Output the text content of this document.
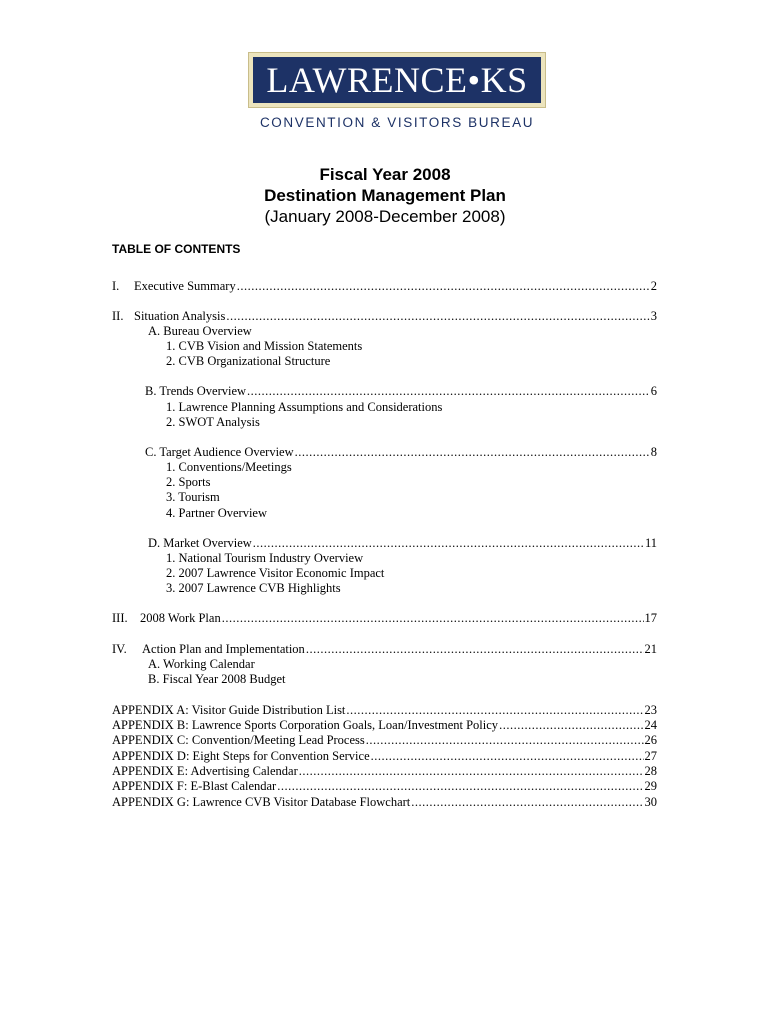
LAWRENCE•KS
CONVENTION & VISITORS BUREAU
Fiscal Year 2008
Destination Management Plan
(January 2008-December 2008)
TABLE OF CONTENTS
I. Executive Summary .....	2
II. Situation Analysis .....	3
A. Bureau Overview
1. CVB Vision and Mission Statements
2. CVB Organizational Structure
B. Trends Overview .....	6
1. Lawrence Planning Assumptions and Considerations
2. SWOT Analysis
C. Target Audience Overview .....	8
1. Conventions/Meetings
2. Sports
3. Tourism
4. Partner Overview
D. Market Overview .....	11
1. National Tourism Industry Overview
2. 2007 Lawrence Visitor Economic Impact
3. 2007 Lawrence CVB Highlights
III. 2008 Work Plan .....	17
IV. Action Plan and Implementation .....	21
A. Working Calendar
B. Fiscal Year 2008 Budget
APPENDIX A: Visitor Guide Distribution List .....	23
APPENDIX B: Lawrence Sports Corporation Goals, Loan/Investment Policy .....	24
APPENDIX C: Convention/Meeting Lead Process .....	26
APPENDIX D: Eight Steps for Convention Service .....	27
APPENDIX E: Advertising Calendar .....	28
APPENDIX F: E-Blast Calendar .....	29
APPENDIX G: Lawrence CVB Visitor Database Flowchart .....	30
